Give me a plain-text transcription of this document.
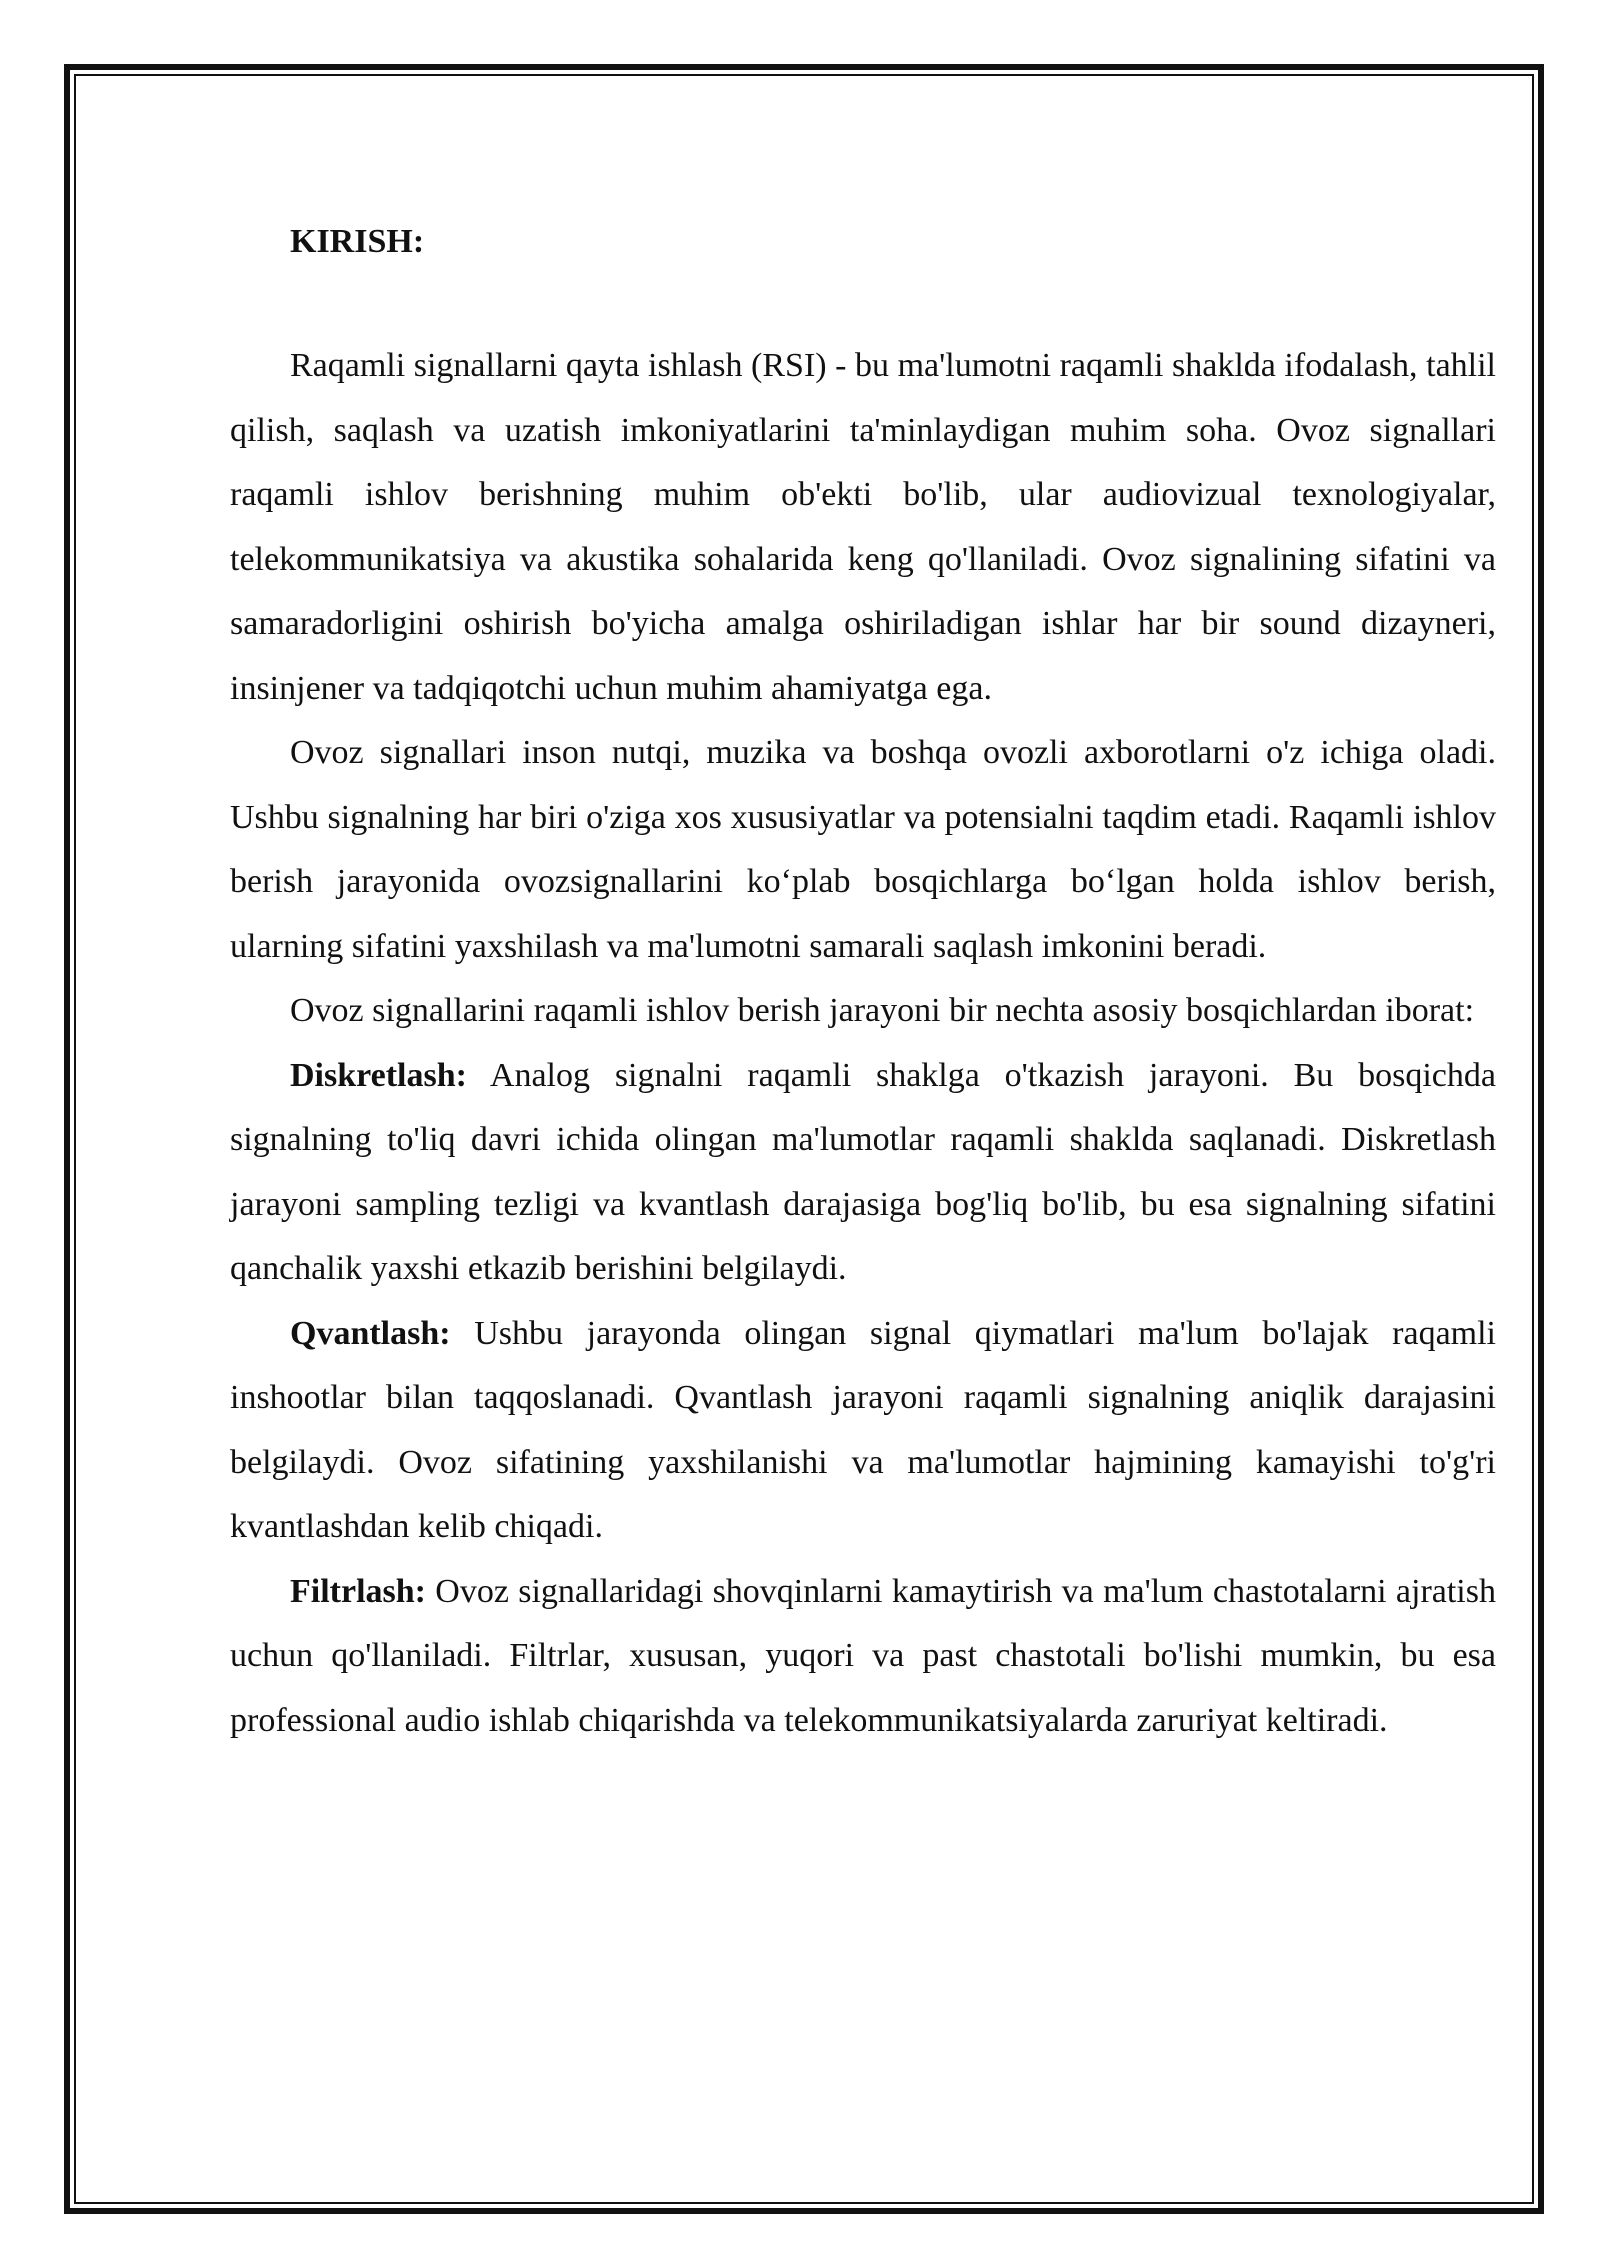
KIRISH:

Raqamli signallarni qayta ishlash (RSI) - bu ma'lumotni raqamli shaklda ifodalash, tahlil qilish, saqlash va uzatish imkoniyatlarini ta'minlaydigan muhim soha. Ovoz signallari raqamli ishlov berishning muhim ob'ekti bo'lib, ular audiovizual texnologiyalar, telekommunikatsiya va akustika sohalarida keng qo'llaniladi. Ovoz signalining sifatini va samaradorligini oshirish bo'yicha amalga oshiriladigan ishlar har bir sound dizayneri, insinjener va tadqiqotchi uchun muhim ahamiyatga ega.

Ovoz signallari inson nutqi, muzika va boshqa ovozli axborotlarni o'z ichiga oladi. Ushbu signalning har biri o'ziga xos xususiyatlar va potensialni taqdim etadi. Raqamli ishlov berish jarayonida ovozsignallarini ko‘plab bosqichlarga bo‘lgan holda ishlov berish, ularning sifatini yaxshilash va ma'lumotni samarali saqlash imkonini beradi.

Ovoz signallarini raqamli ishlov berish jarayoni bir nechta asosiy bosqichlardan iborat:

Diskretlash: Analog signalni raqamli shaklga o'tkazish jarayoni. Bu bosqichda signalning to'liq davri ichida olingan ma'lumotlar raqamli shaklda saqlanadi. Diskretlash jarayoni sampling tezligi va kvantlash darajasiga bog'liq bo'lib, bu esa signalning sifatini qanchalik yaxshi etkazib berishini belgilaydi.

Qvantlash: Ushbu jarayonda olingan signal qiymatlari ma'lum bo'lajak raqamli inshootlar bilan taqqoslanadi. Qvantlash jarayoni raqamli signalning aniqlik darajasini belgilaydi. Ovoz sifatining yaxshilanishi va ma'lumotlar hajmining kamayishi to'g'ri kvantlashdan kelib chiqadi.

Filtrlash: Ovoz signallaridagi shovqinlarni kamaytirish va ma'lum chastotalarni ajratish uchun qo'llaniladi. Filtrlar, xususan, yuqori va past chastotali bo'lishi mumkin, bu esa professional audio ishlab chiqarishda va telekommunikatsiyalarda zaruriyat keltiradi.
